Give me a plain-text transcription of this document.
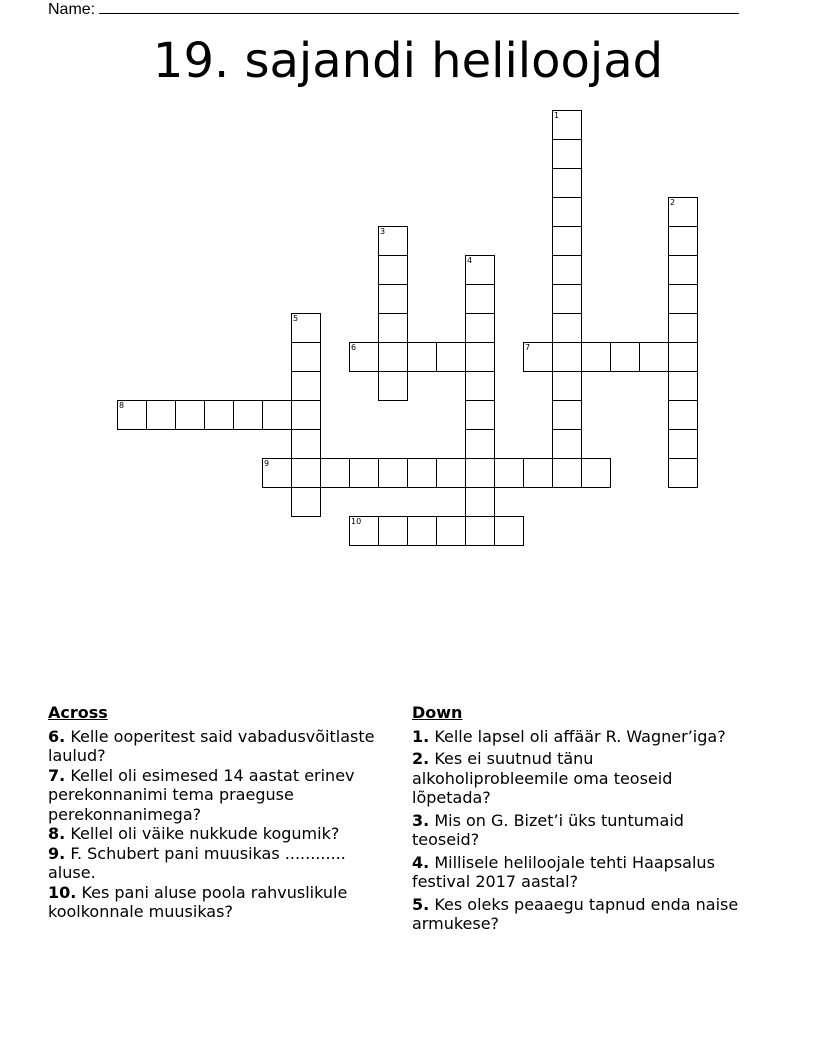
Name:
19. sajandi heliloojad
1
2
3
4
5
6	7
8
9
10
Across
6. Kelle ooperitest said vabadusvõitlaste laulud?
7. Kellel oli esimesed 14 aastat erinev perekonnanimi tema praeguse perekonnanimega?
8. Kellel oli väike nukkude kogumik?
9. F. Schubert pani muusikas ............ aluse.
10. Kes pani aluse poola rahvuslikule koolkonnale muusikas?
Down
1. Kelle lapsel oli affäär R. Wagner’iga?
2. Kes ei suutnud tänu alkoholiprobleemile oma teoseid lõpetada?
3. Mis on G. Bizet’i üks tuntumaid teoseid?
4. Millisele heliloojale tehti Haapsalus festival 2017 aastal?
5. Kes oleks peaaegu tapnud enda naise armukese?
